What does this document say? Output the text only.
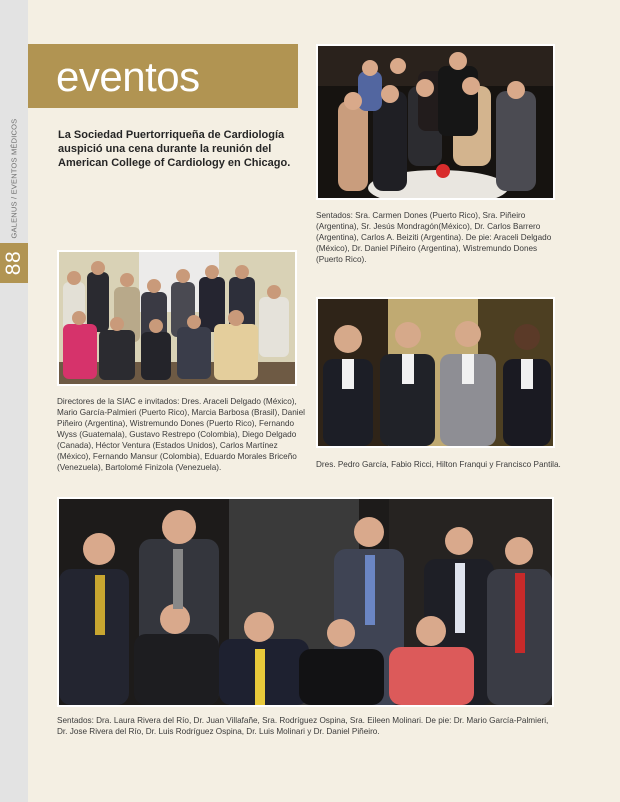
88
GALENUS / EVENTOS MÉDICOS
eventos

La Sociedad Puertorriqueña de Cardiología auspició una cena durante la reunión del American College of Cardiology en Chicago.

Sentados: Sra. Carmen Dones (Puerto Rico), Sra. Piñeiro (Argentina), Sr. Jesús Mondragón(México), Dr. Carlos Barrero (Argentina), Carlos A. Beiziti (Argentina). De pie: Araceli Delgado (México), Dr. Daniel Piñeiro (Argentina), Wistremundo Dones (Puerto Rico).

Directores de la SIAC e invitados: Dres. Araceli Delgado (México), Mario García-Palmieri (Puerto Rico), Marcia Barbosa (Brasil), Daniel Piñeiro (Argentina), Wistremundo Dones (Puerto Rico), Fernando Wyss (Guatemala), Gustavo Restrepo (Colombia), Diego Delgado (Canada), Héctor Ventura (Estados Unidos), Carlos Martínez (México), Fernando Mansur (Colombia), Eduardo Morales Briceño (Venezuela), Bartolomé Finizola (Venezuela).	Dres. Pedro García, Fabio Ricci, Hilton Franqui y Francisco Pantila.

Sentados: Dra. Laura Rivera del Río, Dr. Juan Villafañe, Sra. Rodríguez Ospina, Sra. Eileen Molinari. De pie: Dr. Mario García-Palmieri, Dr. Jose Rivera del Río, Dr. Luis Rodríguez Ospina, Dr. Luis Molinari y Dr. Daniel Piñeiro.
